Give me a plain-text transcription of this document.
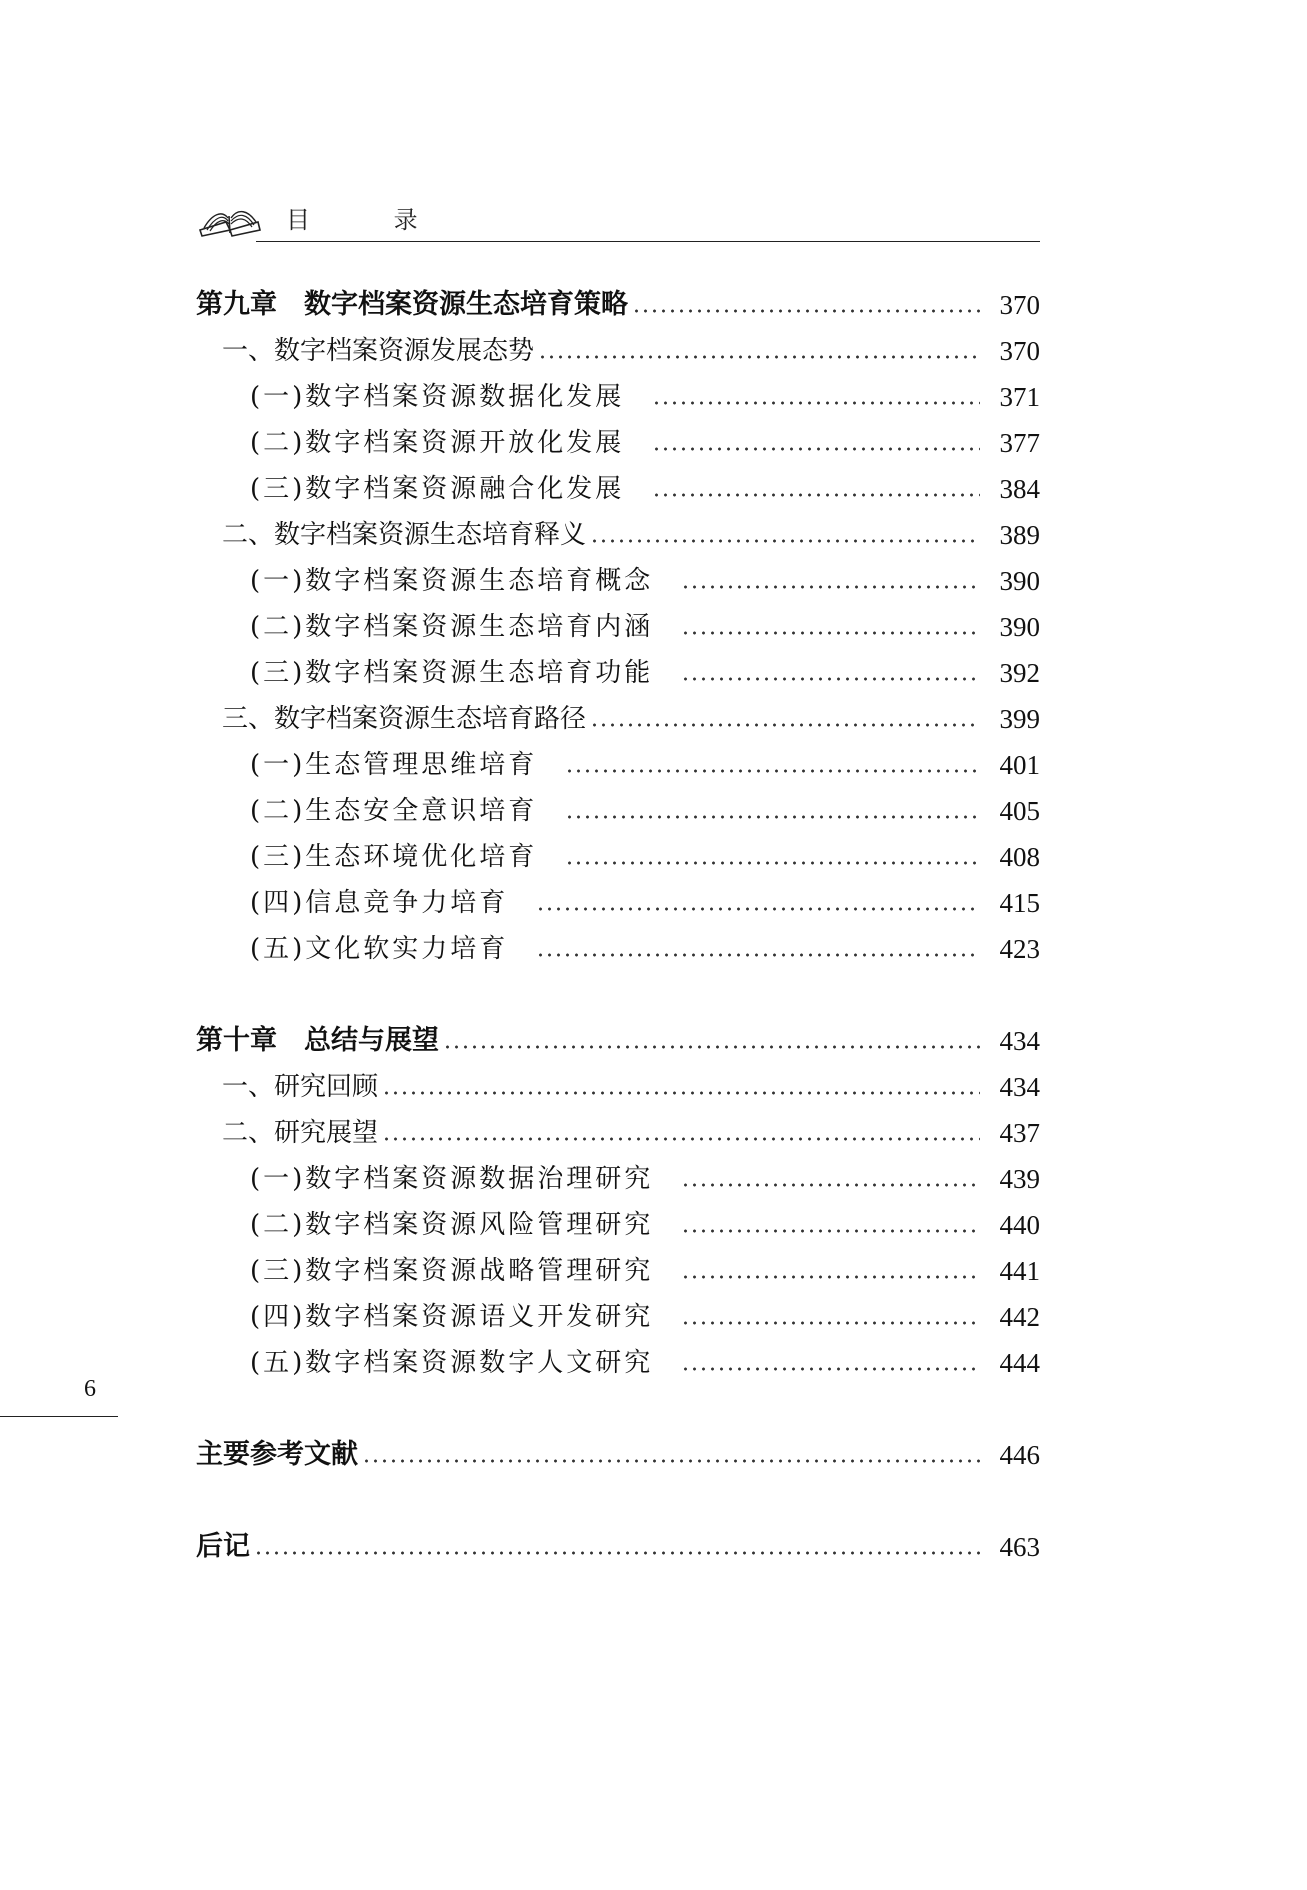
目 录
第九章　数字档案资源生态培育策略	370
一、数字档案资源发展态势	370
(一)数字档案资源数据化发展	371
(二)数字档案资源开放化发展	377
(三)数字档案资源融合化发展	384
二、数字档案资源生态培育释义	389
(一)数字档案资源生态培育概念	390
(二)数字档案资源生态培育内涵	390
(三)数字档案资源生态培育功能	392
三、数字档案资源生态培育路径	399
(一)生态管理思维培育	401
(二)生态安全意识培育	405
(三)生态环境优化培育	408
(四)信息竞争力培育	415
(五)文化软实力培育	423
第十章　总结与展望	434
一、研究回顾	434
二、研究展望	437
(一)数字档案资源数据治理研究	439
(二)数字档案资源风险管理研究	440
(三)数字档案资源战略管理研究	441
(四)数字档案资源语义开发研究	442
(五)数字档案资源数字人文研究	444
主要参考文献	446
后记	463
6
